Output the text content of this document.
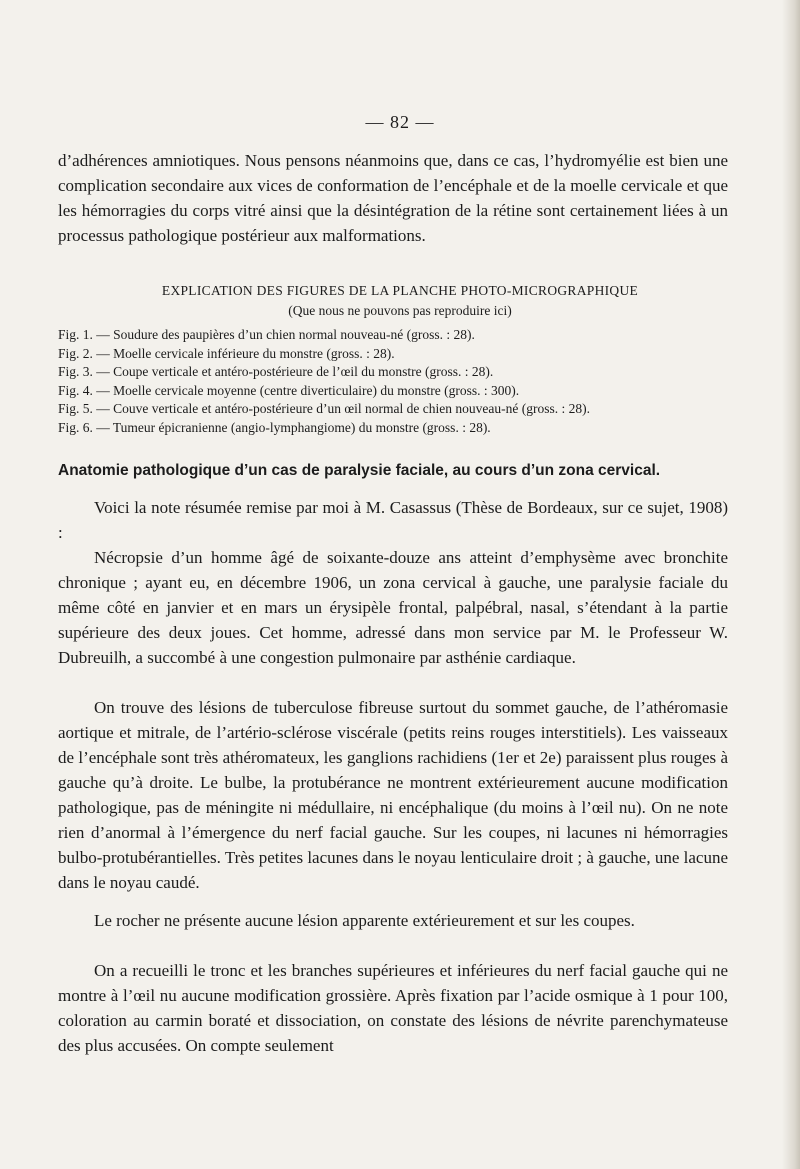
— 82 —

d’adhérences amniotiques. Nous pensons néanmoins que, dans ce cas, l’hydromyélie est bien une complication secondaire aux vices de conformation de l’encéphale et de la moelle cervicale et que les hémorragies du corps vitré ainsi que la désintégration de la rétine sont certainement liées à un processus pathologique postérieur aux malformations.

EXPLICATION DES FIGURES DE LA PLANCHE PHOTO-MICROGRAPHIQUE

(Que nous ne pouvons pas reproduire ici)

Fig. 1. — Soudure des paupières d’un chien normal nouveau-né (gross. : 28).
Fig. 2. — Moelle cervicale inférieure du monstre (gross. : 28).
Fig. 3. — Coupe verticale et antéro-postérieure de l’œil du monstre (gross. : 28).
Fig. 4. — Moelle cervicale moyenne (centre diverticulaire) du monstre (gross. : 300).
Fig. 5. — Couve verticale et antéro-postérieure d’un œil normal de chien nouveau-né (gross. : 28).
Fig. 6. — Tumeur épicranienne (angio-lymphangiome) du monstre (gross. : 28).
Anatomie pathologique d’un cas de paralysie faciale, au cours d’un zona cervical.

Voici la note résumée remise par moi à M. Casassus (Thèse de Bordeaux, sur ce sujet, 1908) :

Nécropsie d’un homme âgé de soixante-douze ans atteint d’emphysème avec bronchite chronique ; ayant eu, en décembre 1906, un zona cervical à gauche, une paralysie faciale du même côté en janvier et en mars un érysipèle frontal, palpébral, nasal, s’étendant à la partie supérieure des deux joues. Cet homme, adressé dans mon service par M. le Professeur W. Dubreuilh, a succombé à une congestion pulmonaire par asthénie cardiaque.

On trouve des lésions de tuberculose fibreuse surtout du sommet gauche, de l’athéromasie aortique et mitrale, de l’artério-sclérose viscérale (petits reins rouges interstitiels). Les vaisseaux de l’encéphale sont très athéromateux, les ganglions rachidiens (1er et 2e) paraissent plus rouges à gauche qu’à droite. Le bulbe, la protubérance ne montrent extérieurement aucune modification pathologique, pas de méningite ni médullaire, ni encéphalique (du moins à l’œil nu). On ne note rien d’anormal à l’émergence du nerf facial gauche. Sur les coupes, ni lacunes ni hémorragies bulbo-protubérantielles. Très petites lacunes dans le noyau lenticulaire droit ; à gauche, une lacune dans le noyau caudé.

Le rocher ne présente aucune lésion apparente extérieurement et sur les coupes.

On a recueilli le tronc et les branches supérieures et inférieures du nerf facial gauche qui ne montre à l’œil nu aucune modification grossière. Après fixation par l’acide osmique à 1 pour 100, coloration au carmin boraté et dissociation, on constate des lésions de névrite parenchymateuse des plus accusées. On compte seulement
